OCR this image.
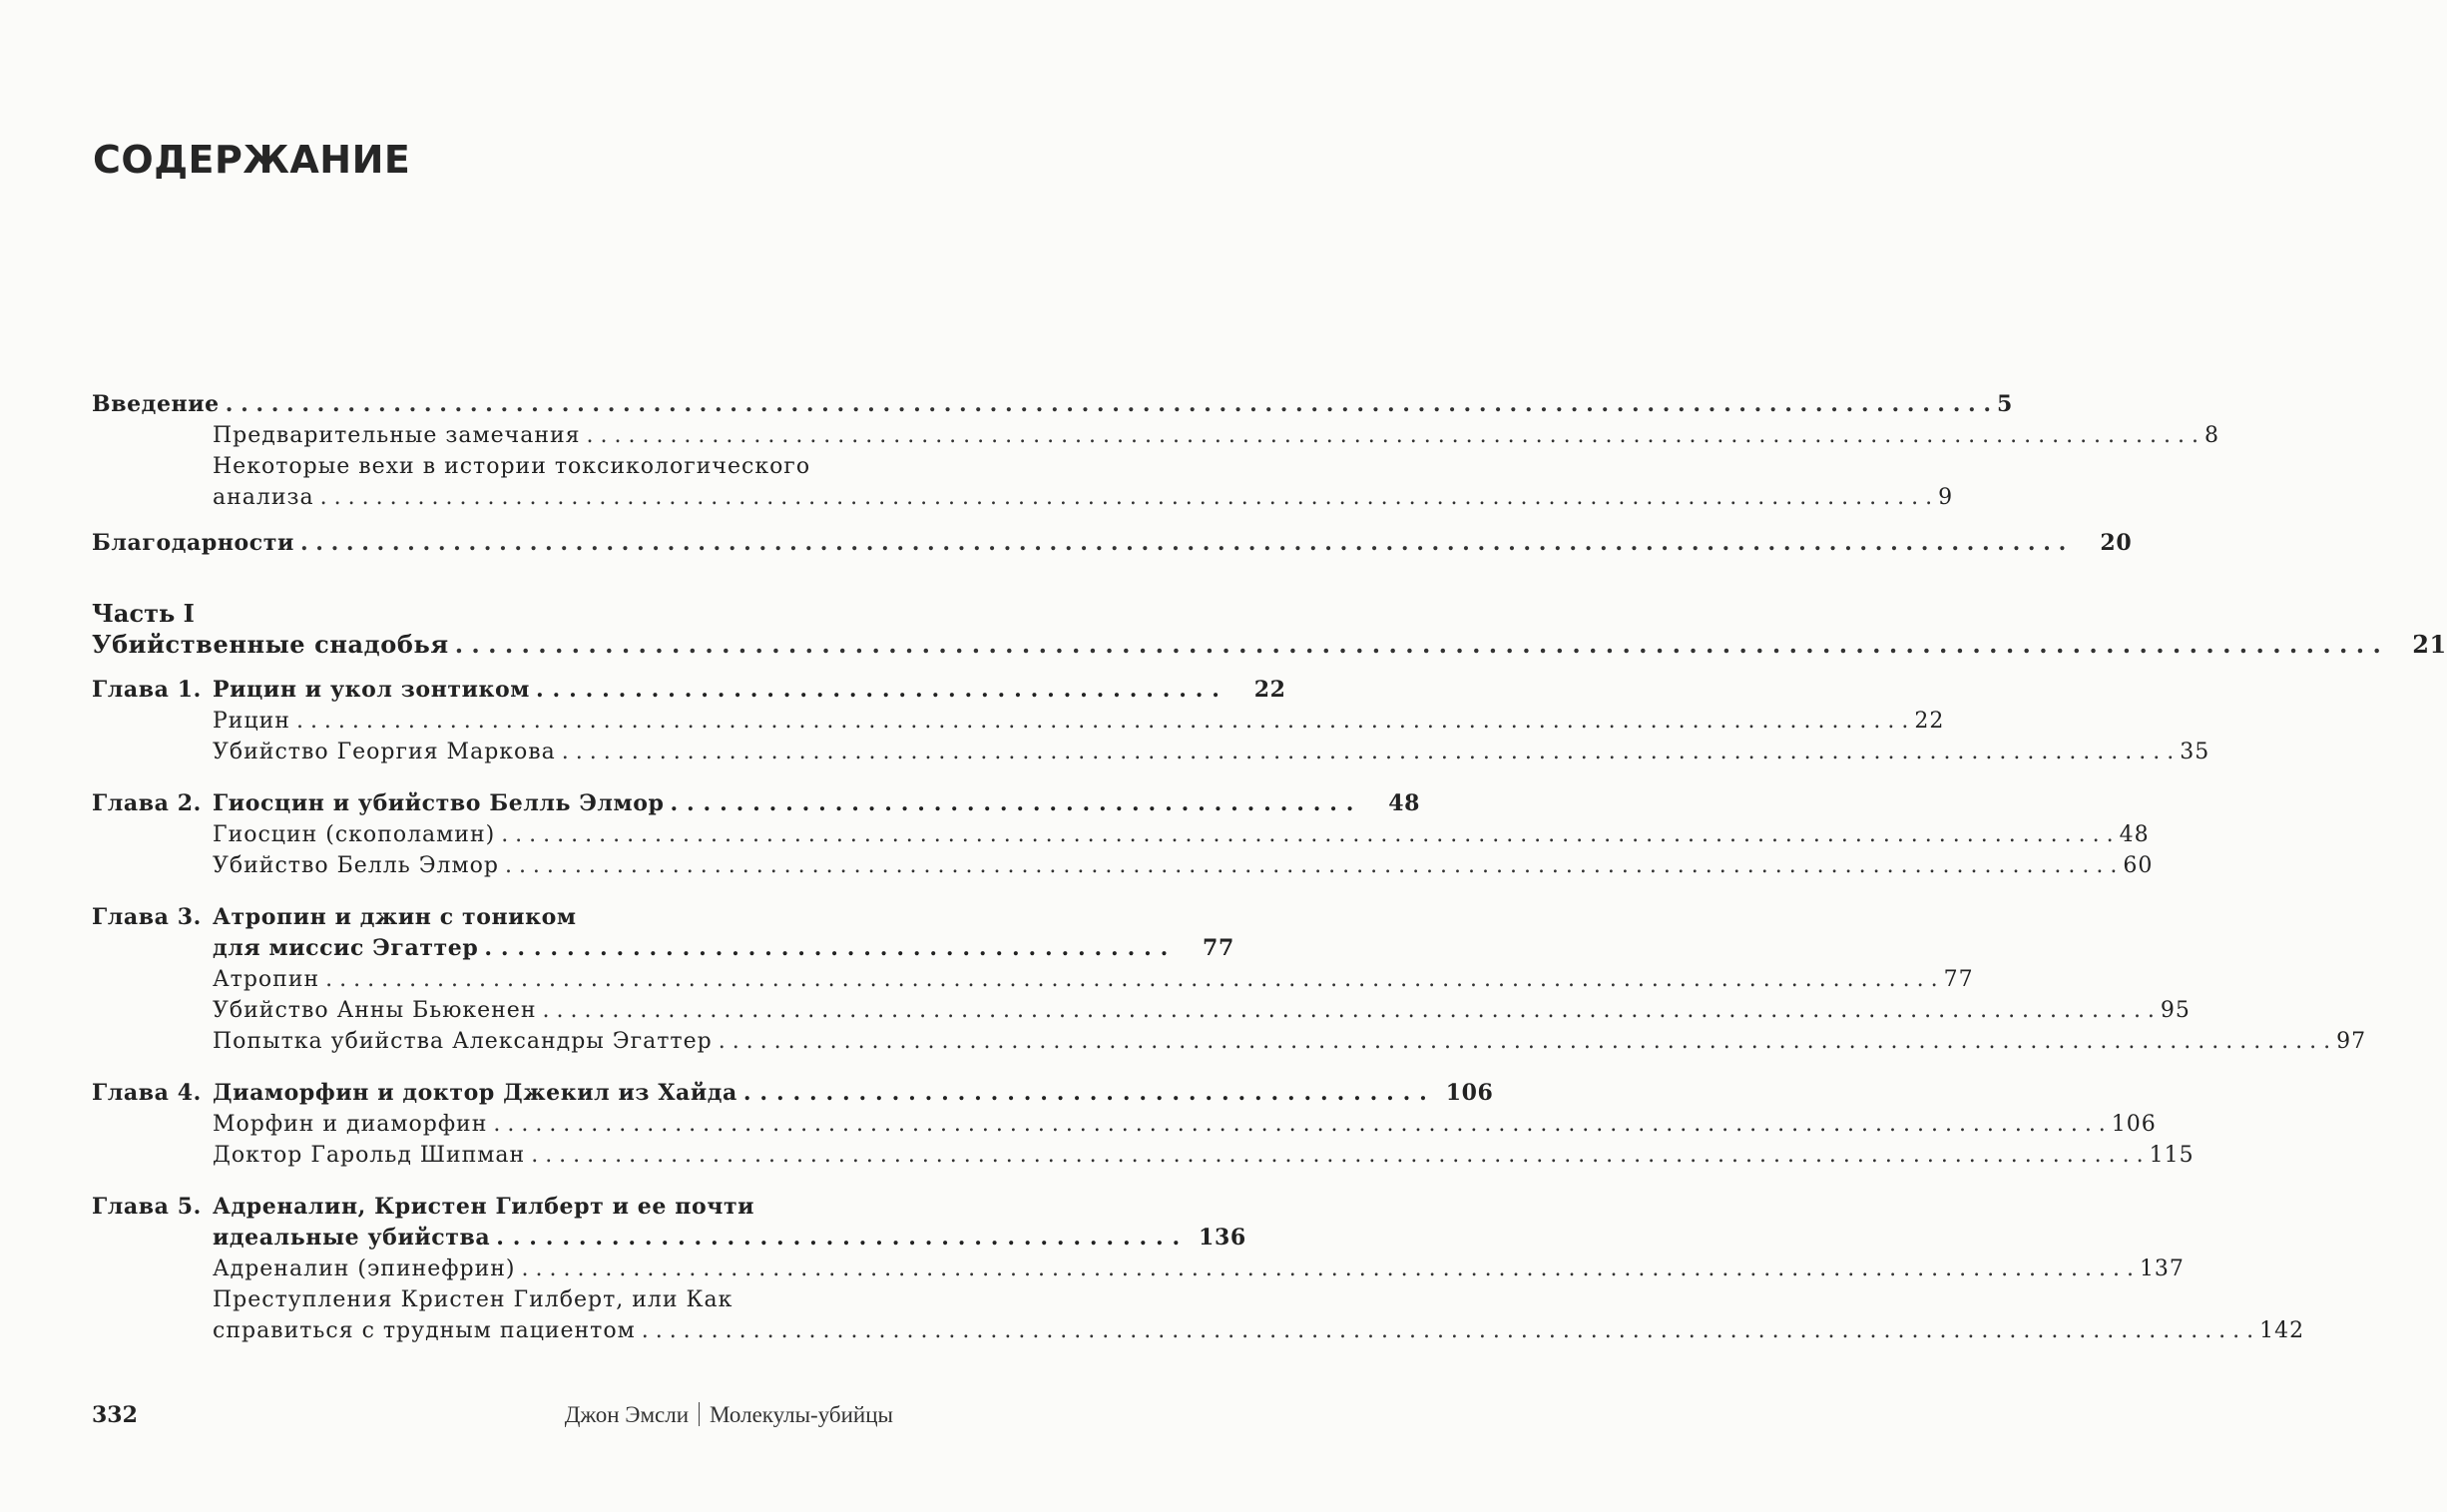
СОДЕРЖАНИЕ
Введение . . .	5
Предварительные замечания . . .	8
Некоторые вехи в истории токсикологического
анализа . . .	9
Благодарности . . .	20
Часть I
Убийственные снадобья . . .	21
Глава 1. Рицин и укол зонтиком . . . . . . . . . . . . . . . . . . . . . . . . . . . . . . . . . . . . . . . . . .	22
Рицин . . .	22
Убийство Георгия Маркова . . .	35
Глава 2. Гиосцин и убийство Белль Элмор . . . . . . . . . . . . . . . . . . . . . . . . . . . . . . . . . . . . . . . . . .	48
Гиосцин (скополамин) . . .	48
Убийство Белль Элмор . . .	60
Глава 3. Атропин и джин с тоником
для миссис Эгаттер . . . . . . . . . . . . . . . . . . . . . . . . . . . . . . . . . . . . . . . . . .	77
Атропин . . .	77
Убийство Анны Бьюкенен . . .	95
Попытка убийства Александры Эгаттер . . .	97
Глава 4. Диаморфин и доктор Джекил из Хайда . . . . . . . . . . . . . . . . . . . . . . . . . . . . . . . . . . . . . . . . . . 106
Морфин и диаморфин . . .	106
Доктор Гарольд Шипман . . .	115
Глава 5. Адреналин, Кристен Гилберт и ее почти
идеальные убийства . . . . . . . . . . . . . . . . . . . . . . . . . . . . . . . . . . . . . . . . . . 136
Адреналин (эпинефрин) . . .	137
Преступления Кристен Гилберт, или Как
справиться с трудным пациентом . . .	142
332	Джон Эмсли Молекулы-убийцы
